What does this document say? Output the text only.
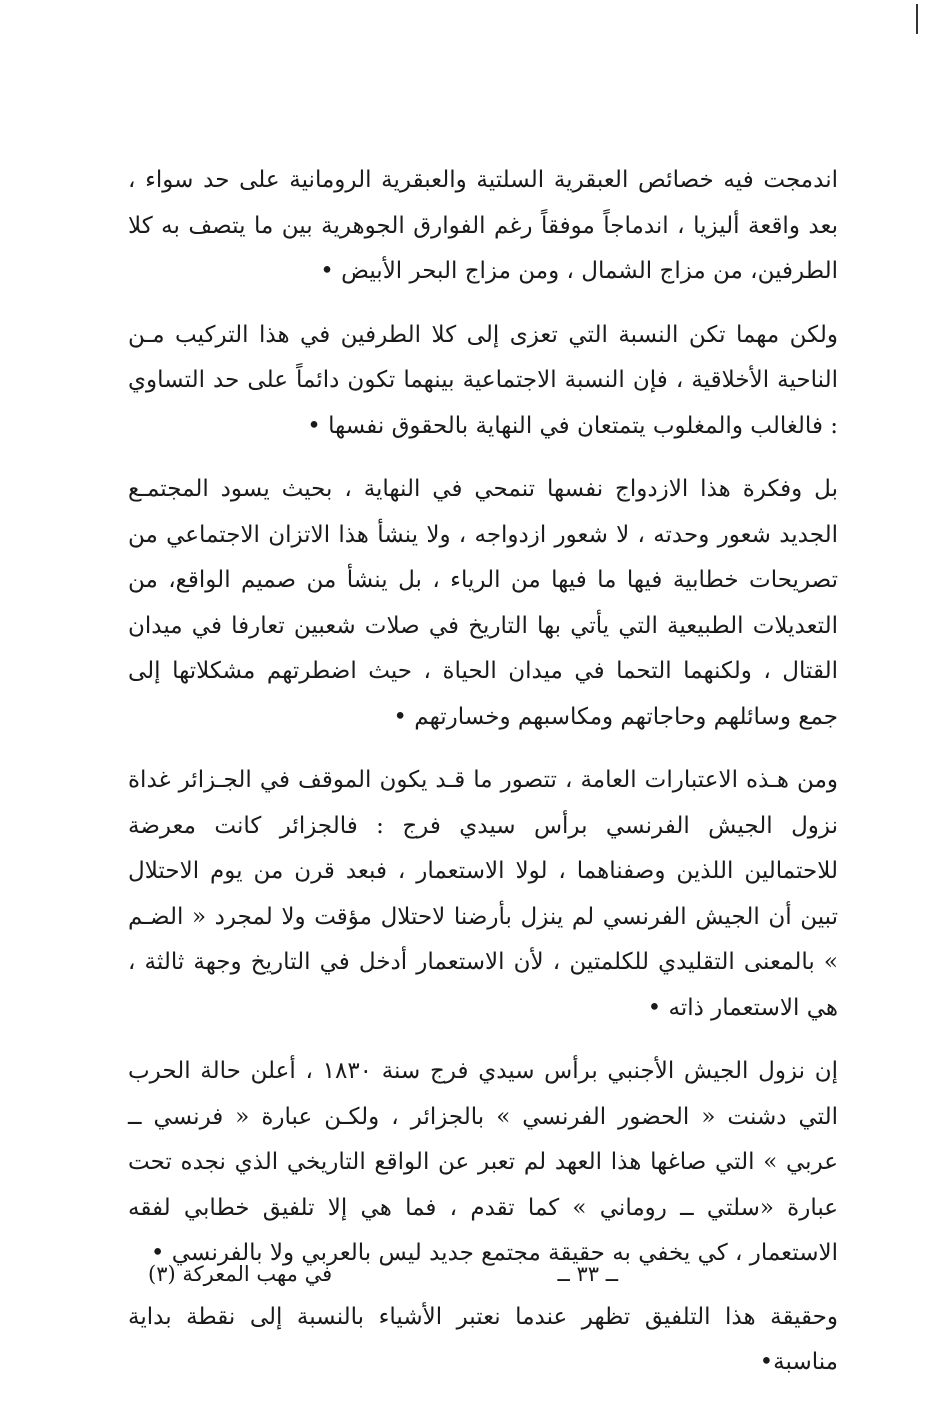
اندمجت فيه خصائص العبقرية السلتية والعبقرية الرومانية على حد سواء ، بعد واقعة أليزيا ، اندماجاً موفقاً رغم الفوارق الجوهرية بين ما يتصف به كلا الطرفين، من مزاج الشمال ، ومن مزاج البحر الأبيض •

ولكن مهما تكن النسبة التي تعزى إلى كلا الطرفين في هذا التركيب مـن الناحية الأخلاقية ، فإن النسبة الاجتماعية بينهما تكون دائماً على حد التساوي : فالغالب والمغلوب يتمتعان في النهاية بالحقوق نفسها •

بل وفكرة هذا الازدواج نفسها تنمحي في النهاية ، بحيث يسود المجتمـع الجديد شعور وحدته ، لا شعور ازدواجه ، ولا ينشأ هذا الاتزان الاجتماعي من تصريحات خطابية فيها ما فيها من الرياء ، بل ينشأ من صميم الواقع، من التعديلات الطبيعية التي يأتي بها التاريخ في صلات شعبين تعارفا في ميدان القتال ، ولكنهما التحما في ميدان الحياة ، حيث اضطرتهم مشكلاتها إلى جمع وسائلهم وحاجاتهم ومكاسبهم وخسارتهم •

ومن هـذه الاعتبارات العامة ، تتصور ما قـد يكون الموقف في الجـزائر غداة نزول الجيش الفرنسي برأس سيدي فرج : فالجزائر كانت معرضة للاحتمالين اللذين وصفناهما ، لولا الاستعمار ، فبعد قرن من يوم الاحتلال تبين أن الجيش الفرنسي لم ينزل بأرضنا لاحتلال مؤقت ولا لمجرد « الضـم » بالمعنى التقليدي للكلمتين ، لأن الاستعمار أدخل في التاريخ وجهة ثالثة ، هي الاستعمار ذاته •

إن نزول الجيش الأجنبي برأس سيدي فرج سنة ١٨٣٠ ، أعلن حالة الحرب التي دشنت « الحضور الفرنسي » بالجزائر ، ولكـن عبارة « فرنسي ــ عربي » التي صاغها هذا العهد لم تعبر عن الواقع التاريخي الذي نجده تحت عبارة «سلتي ــ روماني » كما تقدم ، فما هي إلا تلفيق خطابي لفقه الاستعمار ، كي يخفي به حقيقة مجتمع جديد ليس بالعربي ولا بالفرنسي •

وحقيقة هذا التلفيق تظهر عندما نعتبر الأشياء بالنسبة إلى نقطة بداية مناسبة•

ــ ٣٣ ــ
في مهب المعركة (٣)
